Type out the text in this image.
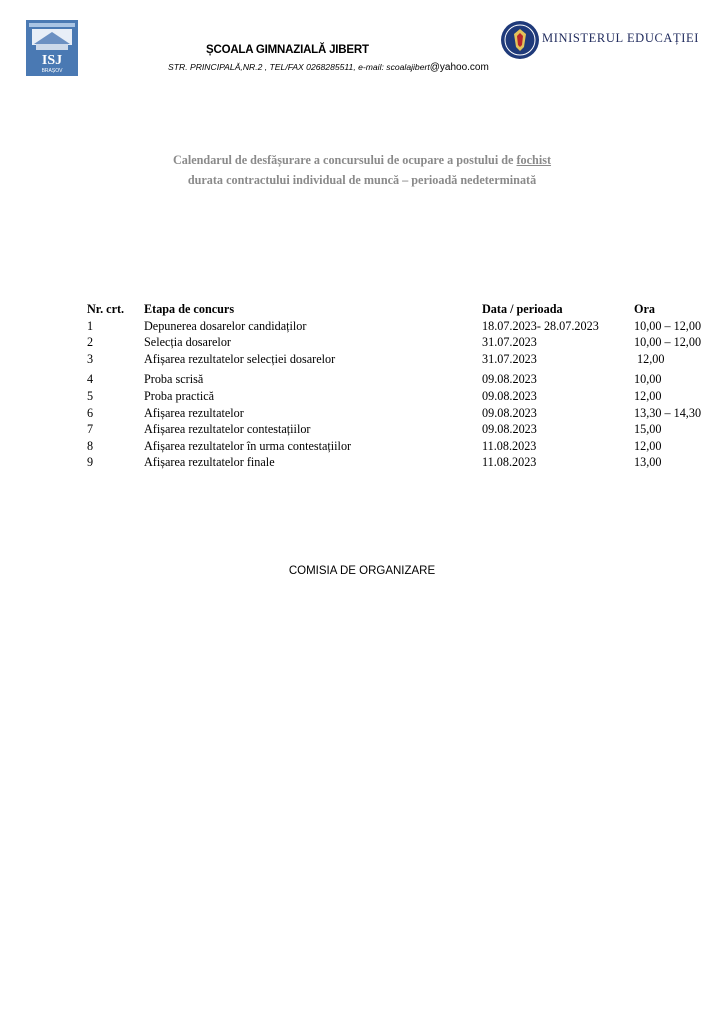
ISJ
BRAȘOV
ȘCOALA GIMNAZIALĂ JIBERT
STR. PRINCIPALĂ,NR.2 , TEL/FAX 0268285511, e-mail: scoalajibert@yahoo.com
MINISTERUL EDUCAȚIEI
Calendarul de desfășurare a concursului de ocupare a postului de fochist
durata contractului individual de muncă – perioadă nedeterminată
Nr. crt.	Etapa de concurs	Data / perioada	Ora
1	Depunerea dosarelor candidaților	18.07.2023- 28.07.2023	10,00 – 12,00
2	Selecția dosarelor	31.07.2023	10,00 – 12,00
3	Afișarea rezultatelor selecției dosarelor	31.07.2023	12,00
4	Proba scrisă	09.08.2023	10,00
5	Proba practică	09.08.2023	12,00
6	Afișarea rezultatelor	09.08.2023	13,30 – 14,30
7	Afișarea rezultatelor contestațiilor	09.08.2023	15,00
8	Afișarea rezultatelor în urma contestațiilor	11.08.2023	12,00
9	Afișarea rezultatelor finale	11.08.2023	13,00
COMISIA DE ORGANIZARE
